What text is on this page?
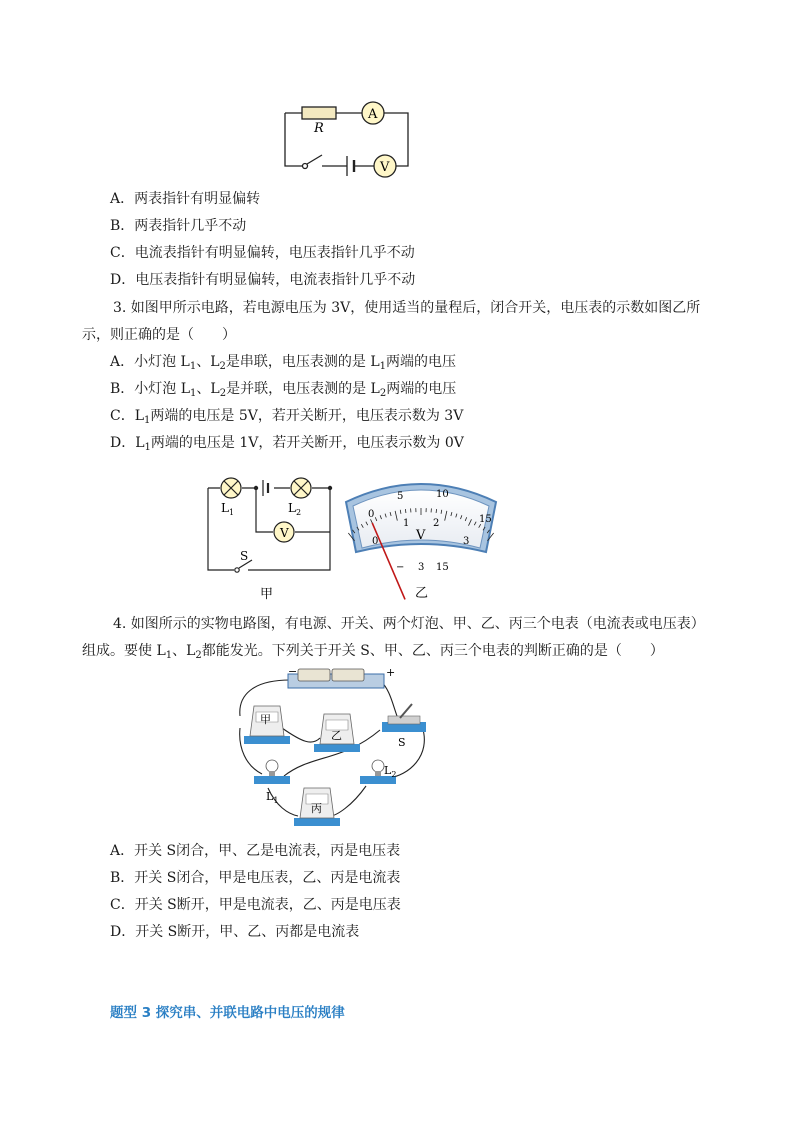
R
A
V
A．两表指针有明显偏转
B．两表指针几乎不动
C．电流表指针有明显偏转，电压表指针几乎不动
D．电压表指针有明显偏转，电流表指针几乎不动
3. 如图甲所示电路，若电源电压为 3V，使用适当的量程后，闭合开关，电压表的示数如图乙所
示，则正确的是（　　）
A．小灯泡 $L_1$、$L_2$是串联，电压表测的是 $L_1$两端的电压
B．小灯泡 $L_1$、$L_2$是并联，电压表测的是 $L_2$两端的电压
C．$L_1$两端的电压是 5V，若开关断开，电压表示数为 3V
D．$L_1$两端的电压是 1V，若开关断开，电压表示数为 0V
$L_1$	$L_2$
V
S
甲
0
5	10
15
0
1 2
3
V
− 3 15
乙
4. 如图所示的实物电路图，有电源、开关、两个灯泡、甲、乙、丙三个电表（电流表或电压表）
组成。要使 $L_1$、$L_2$都能发光。下列关于开关 S、甲、乙、丙三个电表的判断正确的是（　　）
−	+
甲
乙
S
$L_1$
$L_2$
丙
A．开关 S闭合，甲、乙是电流表，丙是电压表
B．开关 S闭合，甲是电压表，乙、丙是电流表
C．开关 S断开，甲是电流表，乙、丙是电压表
D．开关 S断开，甲、乙、丙都是电流表
题型 3 探究串、并联电路中电压的规律
